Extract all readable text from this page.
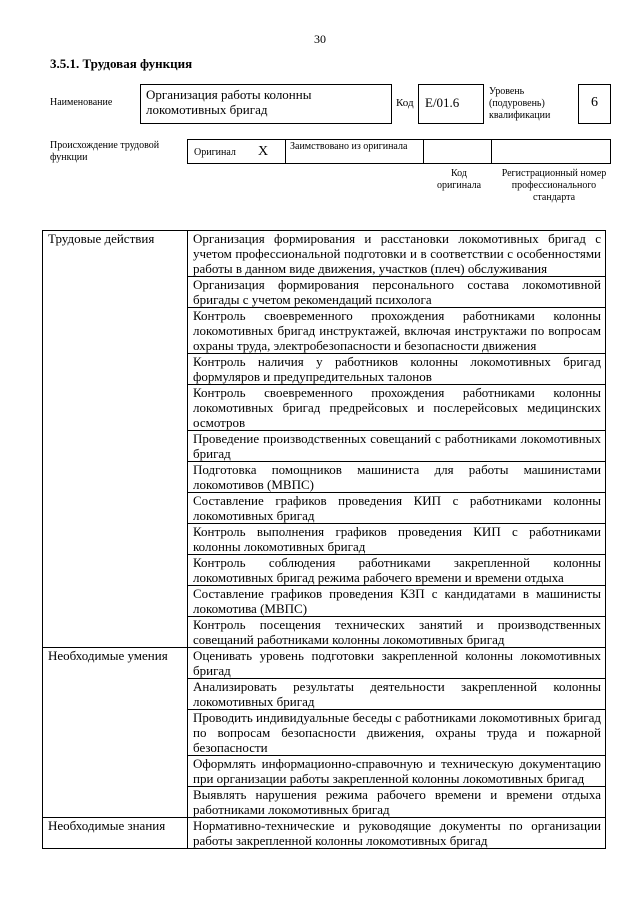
30
3.5.1. Трудовая функция
Наименование
Организация работы колонны локомотивных бригад	Код E/01.6
Уровень (подуровень) квалификации
6
Происхождение трудовой функции	Оригинал X Заимствовано из оригинала
Код оригинала
Регистрационный номер профессионального стандарта
Трудовые действия	Организация формирования и расстановки локомотивных бригад с учетом профессиональной подготовки и в соответствии с особенностями работы в данном виде движения, участков (плеч) обслуживания
	Организация формирования персонального состава локомотивной бригады с учетом рекомендаций психолога
	Контроль своевременного прохождения работниками колонны локомотивных бригад инструктажей, включая инструктажи по вопросам охраны труда, электробезопасности и безопасности движения
	Контроль наличия у работников колонны локомотивных бригад формуляров и предупредительных талонов
	Контроль своевременного прохождения работниками колонны локомотивных бригад предрейсовых и послерейсовых медицинских осмотров
	Проведение производственных совещаний с работниками локомотивных бригад
	Подготовка помощников машиниста для работы машинистами локомотивов (МВПС)
	Составление графиков проведения КИП с работниками колонны локомотивных бригад
	Контроль выполнения графиков проведения КИП с работниками колонны локомотивных бригад
	Контроль соблюдения работниками закрепленной колонны локомотивных бригад режима рабочего времени и времени отдыха
	Составление графиков проведения КЗП с кандидатами в машинисты локомотива (МВПС)
	Контроль посещения технических занятий и производственных совещаний работниками колонны локомотивных бригад
Необходимые умения	Оценивать уровень подготовки закрепленной колонны локомотивных бригад
	Анализировать результаты деятельности закрепленной колонны локомотивных бригад
	Проводить индивидуальные беседы с работниками локомотивных бригад по вопросам безопасности движения, охраны труда и пожарной безопасности
	Оформлять информационно-справочную и техническую документацию при организации работы закрепленной колонны локомотивных бригад
	Выявлять нарушения режима рабочего времени и времени отдыха работниками локомотивных бригад
Необходимые знания	Нормативно-технические и руководящие документы по организации работы закрепленной колонны локомотивных бригад
